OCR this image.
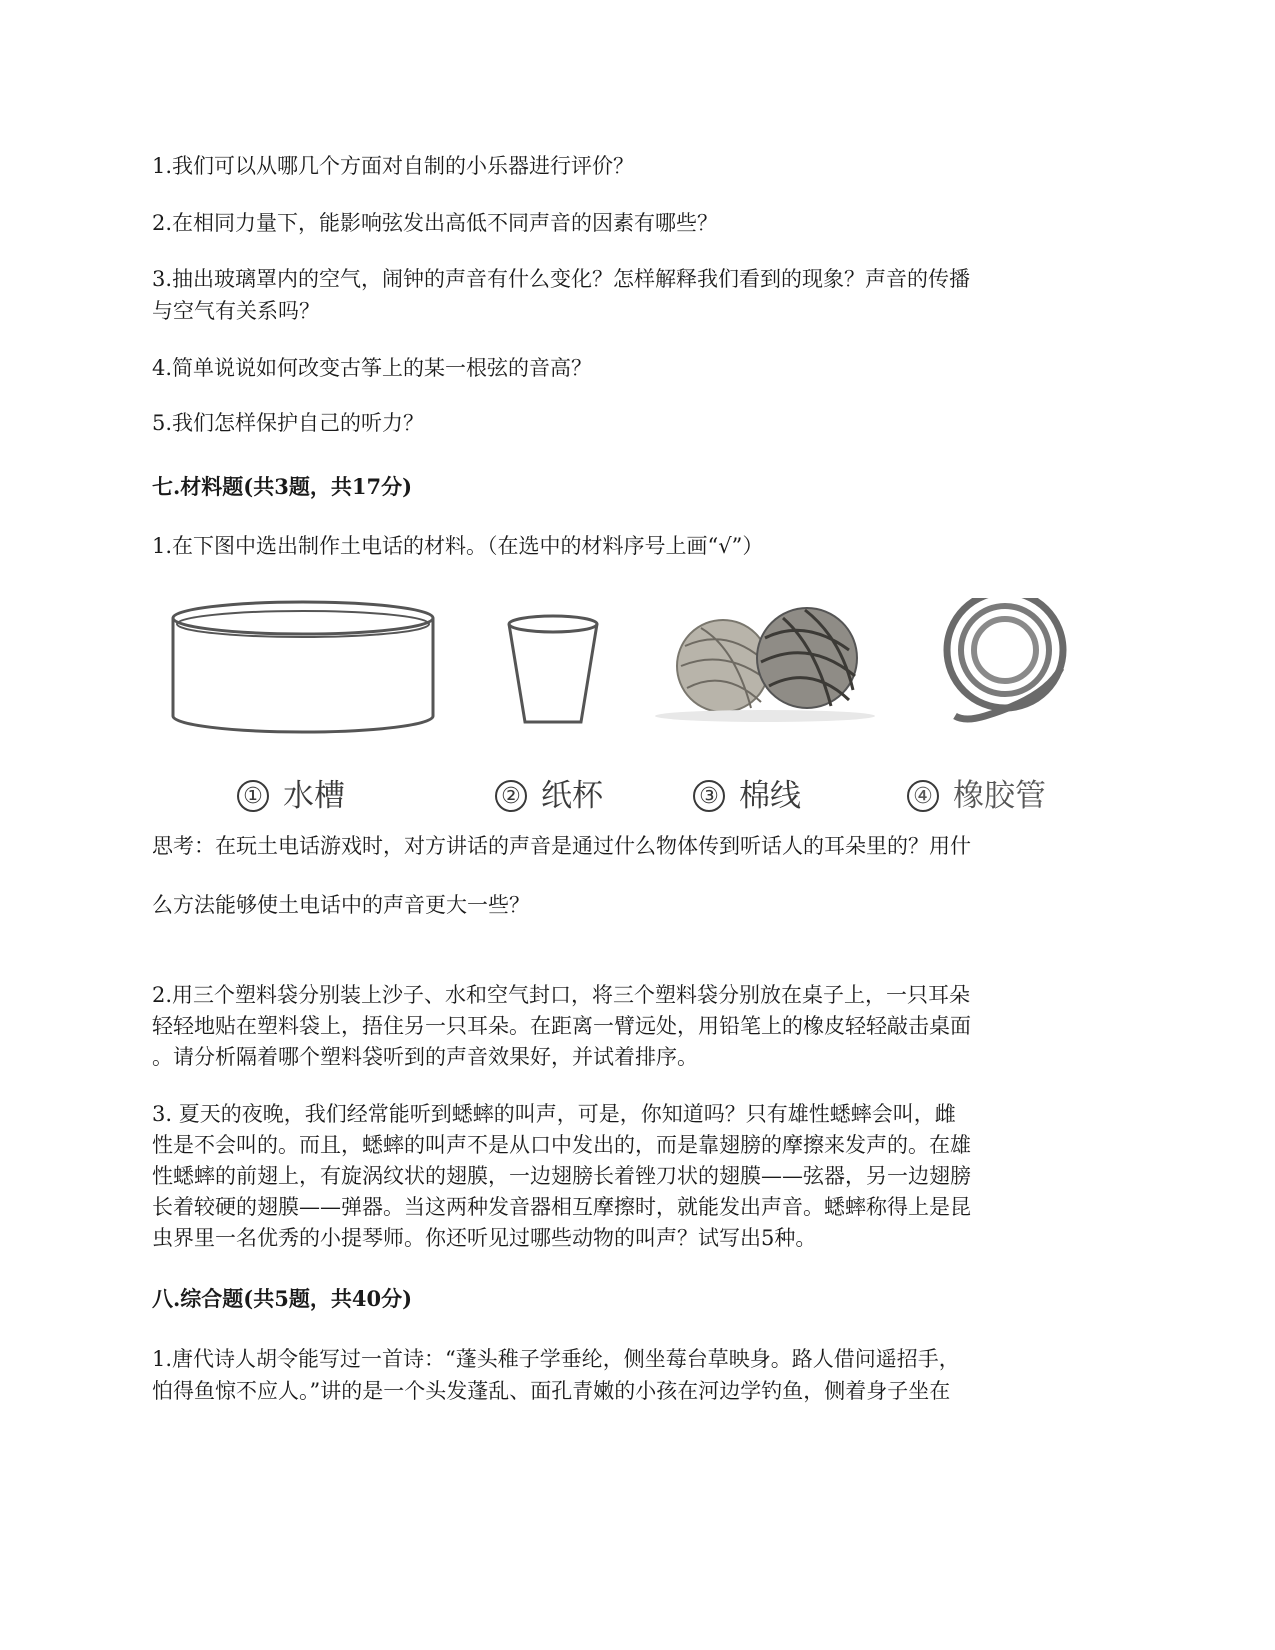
1.我们可以从哪几个方面对自制的小乐器进行评价？
2.在相同力量下，能影响弦发出高低不同声音的因素有哪些？
3.抽出玻璃罩内的空气，闹钟的声音有什么变化？怎样解释我们看到的现象？声音的传播
与空气有关系吗？
4.简单说说如何改变古筝上的某一根弦的音高？
5.我们怎样保护自己的听力？
七.材料题(共3题，共17分)
1.在下图中选出制作土电话的材料。（在选中的材料序号上画“√”）
① 水槽	② 纸杯	③ 棉线	④ 橡胶管
思考：在玩土电话游戏时，对方讲话的声音是通过什么物体传到听话人的耳朵里的？用什
么方法能够使土电话中的声音更大一些？
2.用三个塑料袋分别装上沙子、水和空气封口，将三个塑料袋分别放在桌子上，一只耳朵
轻轻地贴在塑料袋上，捂住另一只耳朵。在距离一臂远处，用铅笔上的橡皮轻轻敲击桌面
。请分析隔着哪个塑料袋听到的声音效果好，并试着排序。
3. 夏天的夜晚，我们经常能听到蟋蟀的叫声，可是，你知道吗？只有雄性蟋蟀会叫，雌
性是不会叫的。而且，蟋蟀的叫声不是从口中发出的，而是靠翅膀的摩擦来发声的。在雄
性蟋蟀的前翅上，有旋涡纹状的翅膜，一边翅膀长着锉刀状的翅膜——弦器，另一边翅膀
长着较硬的翅膜——弹器。当这两种发音器相互摩擦时，就能发出声音。蟋蟀称得上是昆
虫界里一名优秀的小提琴师。你还听见过哪些动物的叫声？试写出5种。
八.综合题(共5题，共40分)
1.唐代诗人胡令能写过一首诗：“蓬头稚子学垂纶，侧坐莓台草映身。路人借问遥招手，
怕得鱼惊不应人。”讲的是一个头发蓬乱、面孔青嫩的小孩在河边学钓鱼，侧着身子坐在
